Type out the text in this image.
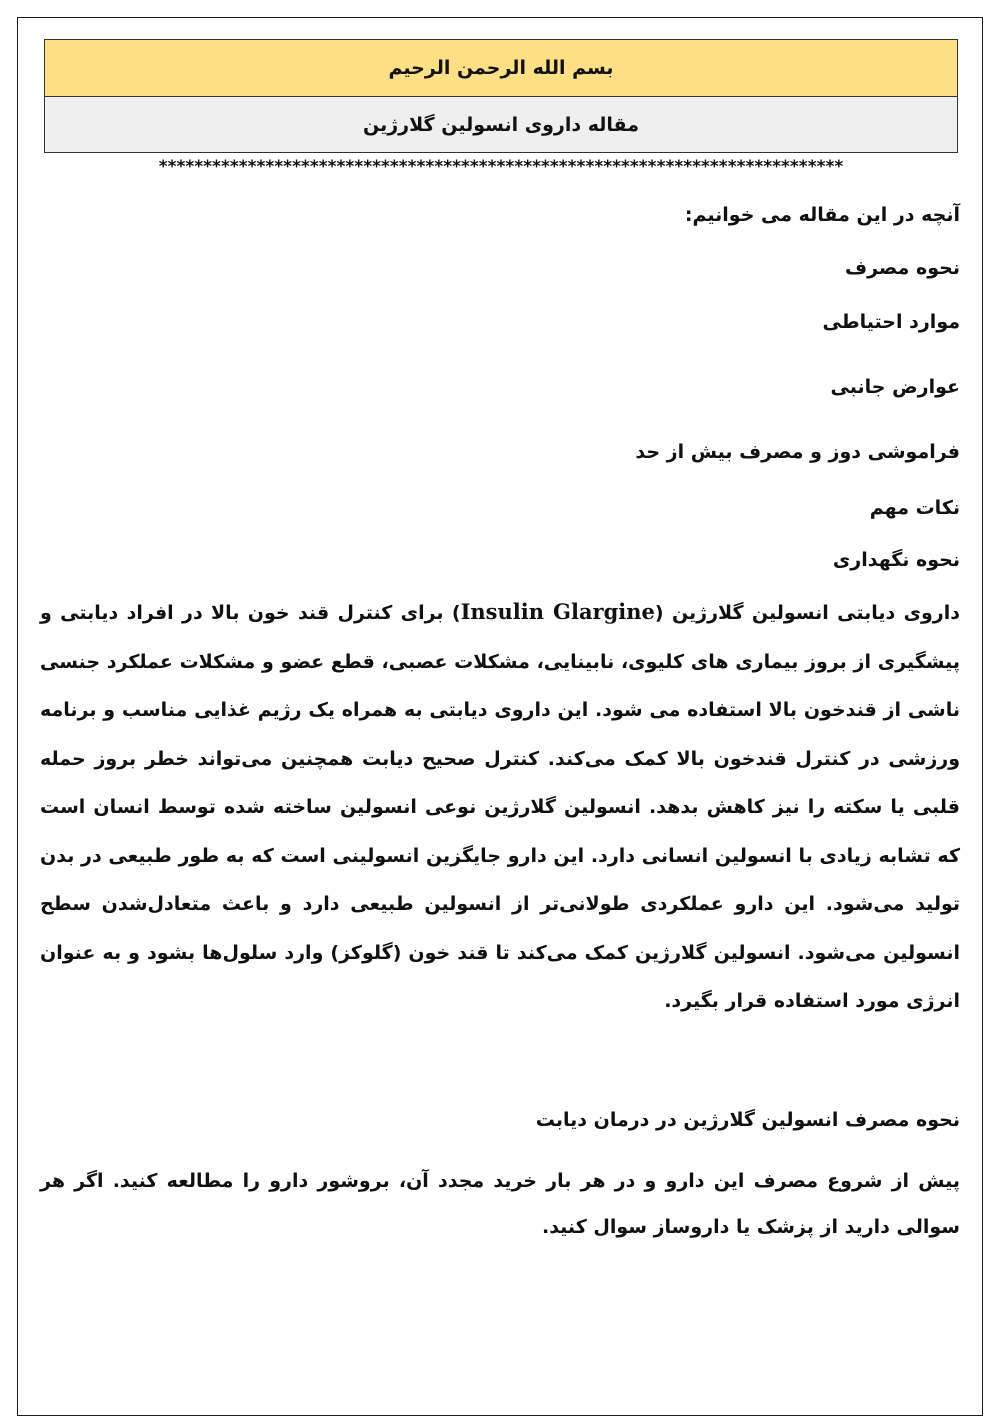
بسم الله الرحمن الرحیم
مقاله داروی انسولین گلارژین
*****************************************************************************

آنچه در این مقاله می خوانیم:

نحوه مصرف
موارد احتیاطی
عوارض جانبی
فراموشی دوز و مصرف بیش از حد
نکات مهم
نحوه نگهداری

داروی دیابتی انسولین گلارژین (Insulin Glargine) برای کنترل قند خون بالا در افراد دیابتی و پیشگیری از بروز بیماری های کلیوی، نابینایی، مشکلات عصبی، قطع عضو و مشکلات عملکرد جنسی ناشی از قندخون بالا استفاده می شود. این داروی دیابتی به همراه یک رژیم غذایی مناسب و برنامه ورزشی در کنترل قندخون بالا کمک می‌کند. کنترل صحیح دیابت همچنین می‌تواند خطر بروز حمله قلبی یا سکته را نیز کاهش بدهد. انسولین گلارژین نوعی انسولین ساخته شده توسط انسان است که تشابه زیادی با انسولین انسانی دارد. این دارو جایگزین انسولینی است که به طور طبیعی در بدن تولید می‌شود. این دارو عملکردی طولانی‌تر از انسولین طبیعی دارد و باعث متعادل‌شدن سطح انسولین می‌شود. انسولین گلارژین کمک می‌کند تا قند خون (گلوکز) وارد سلول‌ها بشود و به عنوان انرژی مورد استفاده قرار بگیرد.

نحوه مصرف انسولین گلارژین در درمان دیابت

پیش از شروع مصرف این دارو و در هر بار خرید مجدد آن، بروشور دارو را مطالعه کنید. اگر هر سوالی دارید از پزشک یا داروساز سوال کنید.
